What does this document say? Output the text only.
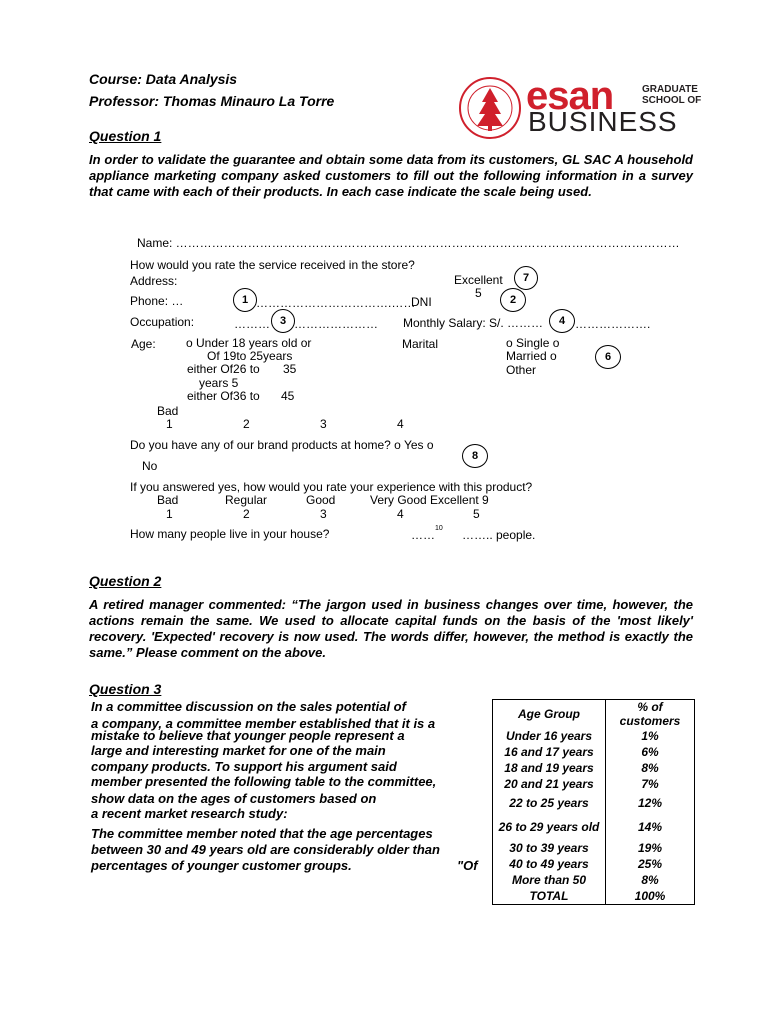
Course: Data Analysis
Professor: Thomas Minauro La Torre	esan	GRADUATE
SCHOOL OF
BUSINESS
Question 1
In order to validate the guarantee and obtain some data from its customers, GL SAC A household appliance marketing company asked customers to fill out the following information in a survey that came with each of their products. In each case indicate the scale being used.
Name: ………………………………………………………………………………………………………………
How would you rate the service received in the store?
Address:	Excellent
5
Phone: …	…………………………….……
DNI
Occupation:	……… ………………… Monthly Salary: S/. ………	……………….
Age:	o Under 18 years old or
Of 19to 25years
either Of26 to 35
years 5
either Of36 to 45
Marital	o Single o
Married o
Other
Bad
1	2	3	4
Do you have any of our brand products at home? o Yes o
No
If you answered yes, how would you rate your experience with this product?
Bad	Regular	Good	Very Good Excellent 9
1	2	3	4	5
How many people live in your house?	…… 10 …….. people.
1	2
3	4
6
7
8
Question 2
A retired manager commented: “The jargon used in business changes over time, however, the actions remain the same. We used to allocate capital funds on the basis of the 'most likely' recovery. 'Expected' recovery is now used. The words differ, however, the method is exactly the same.” Please comment on the above.
Question 3
In a committee discussion on the sales potential of
a company, a committee member established that it is a
mistake to believe that younger people represent a
large and interesting market for one of the main
company products. To support his argument said
member presented the following table to the committee,
show data on the ages of customers based on
a recent market research study:
The committee member noted that the age percentages
between 30 and 49 years old are considerably older than
percentages of younger customer groups.	"Of
Age Group	% of customers
Under 16 years	1%
16 and 17 years	6%
18 and 19 years	8%
20 and 21 years	7%
22 to 25 years	12%
26 to 29 years old	14%
30 to 39 years	19%
40 to 49 years	25%
More than 50	8%
TOTAL	100%
